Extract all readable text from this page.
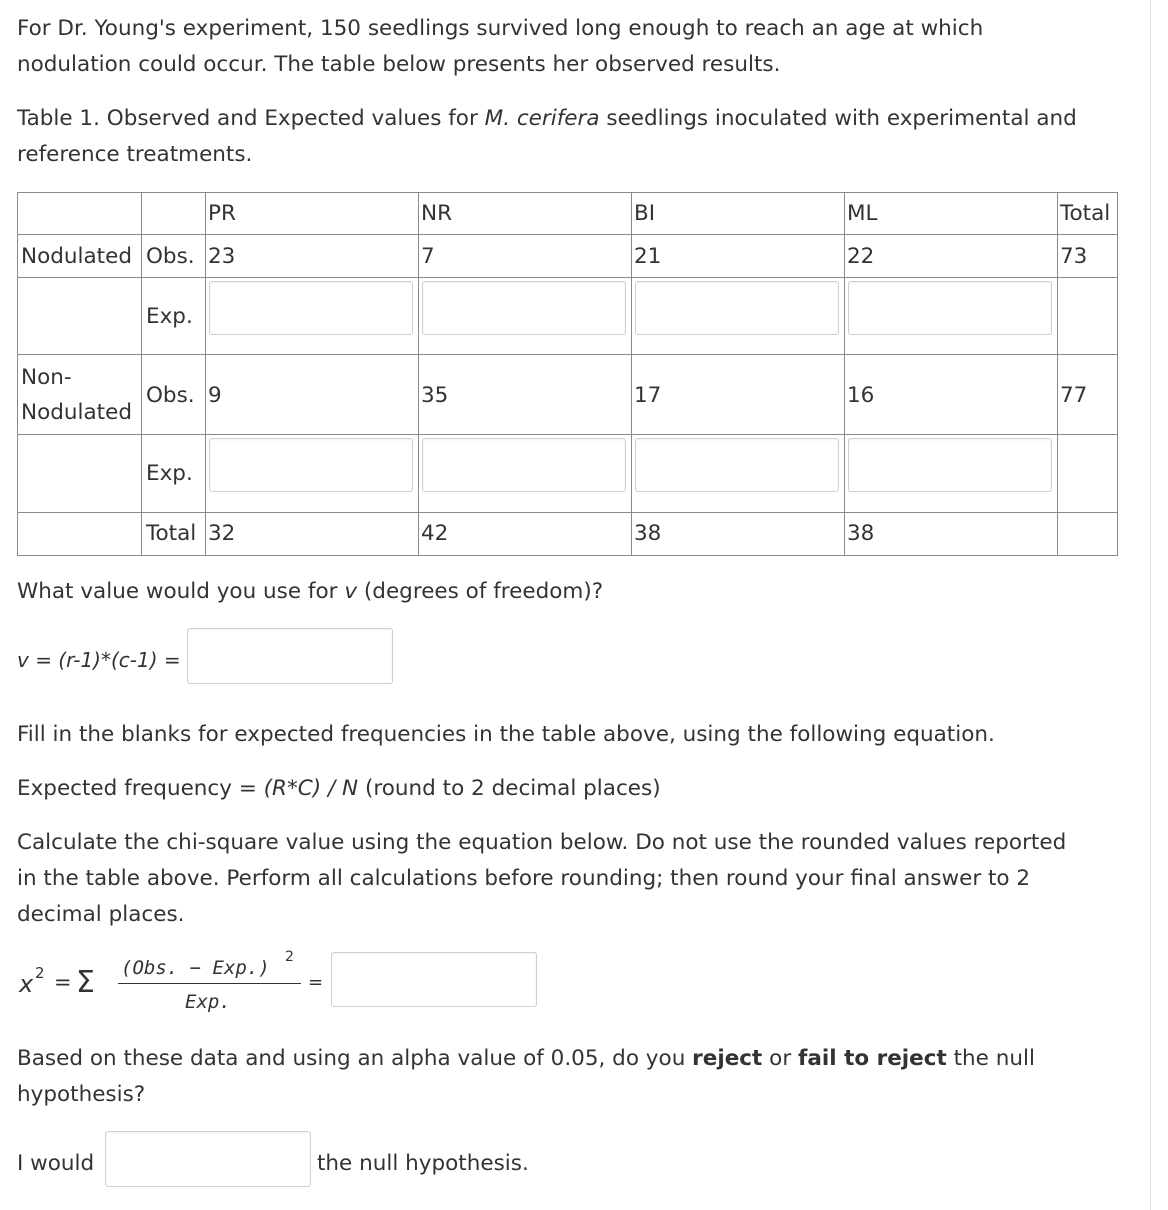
For Dr. Young's experiment, 150 seedlings survived long enough to reach an age at which
nodulation could occur. The table below presents her observed results.

Table 1. Observed and Expected values for M. cerifera seedlings inoculated with experimental and
reference treatments.

PR	NR	BI	ML	Total
Nodulated Obs. 23	7	21	22	73
Exp.
Non-
Nodulated
Obs. 9	35	17	16	77
Exp.
Total 32	42	38	38

What value would you use for v (degrees of freedom)?

v = (r-1)*(c-1) =

Fill in the blanks for expected frequencies in the table above, using the following equation.

Expected frequency = (R*C) / N (round to 2 decimal places)

Calculate the chi-square value using the equation below. Do not use the rounded values reported
in the table above. Perform all calculations before rounding; then round your final answer to 2
decimal places.

x 2 = Σ (Obs. − Exp.) 2
Exp.
=

Based on these data and using an alpha value of 0.05, do you reject or fail to reject the null
hypothesis?

I would	the null hypothesis.
